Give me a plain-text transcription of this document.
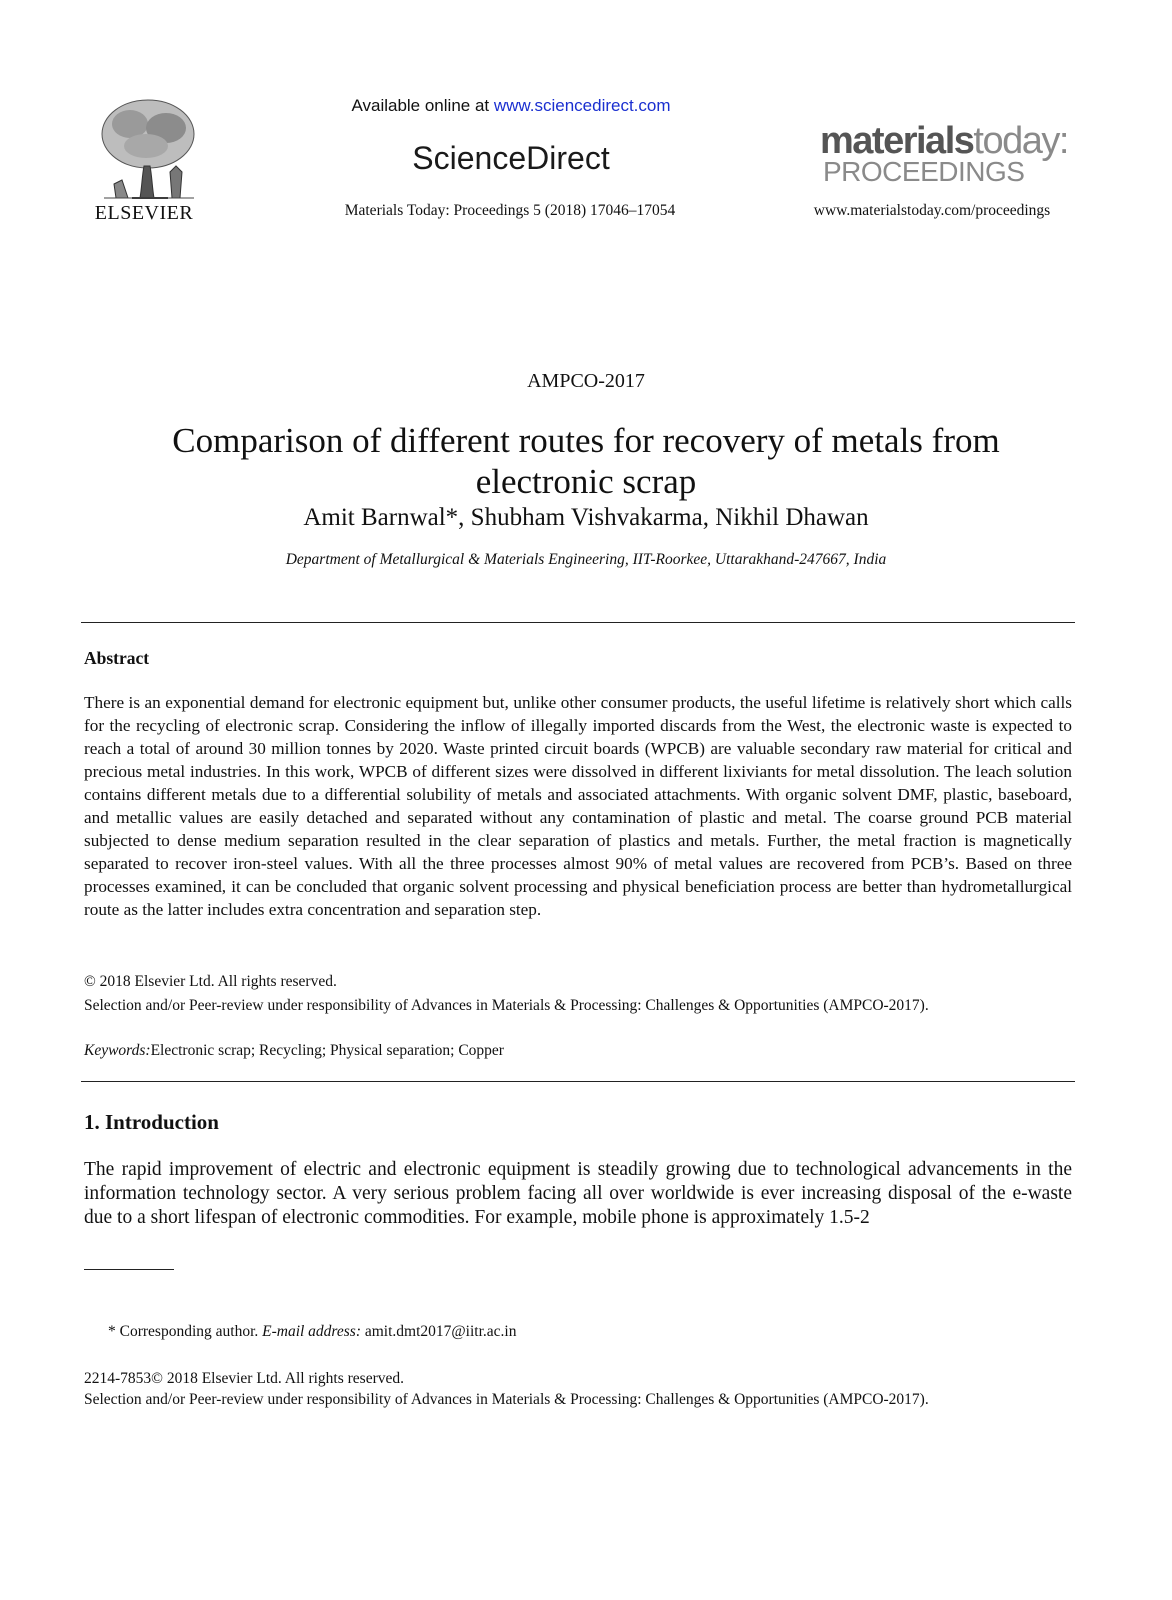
ELSEVIER
Available online at www.sciencedirect.com
ScienceDirect
Materials Today: Proceedings 5 (2018) 17046–17054
materialstoday:
PROCEEDINGS
www.materialstoday.com/proceedings
AMPCO-2017
Comparison of different routes for recovery of metals from electronic scrap
Amit Barnwal*, Shubham Vishvakarma, Nikhil Dhawan
Department of Metallurgical & Materials Engineering, IIT-Roorkee, Uttarakhand-247667, India
Abstract
There is an exponential demand for electronic equipment but, unlike other consumer products, the useful lifetime is relatively short which calls for the recycling of electronic scrap. Considering the inflow of illegally imported discards from the West, the electronic waste is expected to reach a total of around 30 million tonnes by 2020. Waste printed circuit boards (WPCB) are valuable secondary raw material for critical and precious metal industries. In this work, WPCB of different sizes were dissolved in different lixiviants for metal dissolution. The leach solution contains different metals due to a differential solubility of metals and associated attachments. With organic solvent DMF, plastic, baseboard, and metallic values are easily detached and separated without any contamination of plastic and metal. The coarse ground PCB material subjected to dense medium separation resulted in the clear separation of plastics and metals. Further, the metal fraction is magnetically separated to recover iron-steel values. With all the three processes almost 90% of metal values are recovered from PCB’s. Based on three processes examined, it can be concluded that organic solvent processing and physical beneficiation process are better than hydrometallurgical route as the latter includes extra concentration and separation step.
© 2018 Elsevier Ltd. All rights reserved.
Selection and/or Peer-review under responsibility of Advances in Materials & Processing: Challenges & Opportunities (AMPCO-2017).
Keywords:Electronic scrap; Recycling; Physical separation; Copper
1. Introduction
The rapid improvement of electric and electronic equipment is steadily growing due to technological advancements in the information technology sector. A very serious problem facing all over worldwide is ever increasing disposal of the e-waste due to a short lifespan of electronic commodities. For example, mobile phone is approximately 1.5-2
* Corresponding author. E-mail address: amit.dmt2017@iitr.ac.in
2214-7853© 2018 Elsevier Ltd. All rights reserved.
Selection and/or Peer-review under responsibility of Advances in Materials & Processing: Challenges & Opportunities (AMPCO-2017).
